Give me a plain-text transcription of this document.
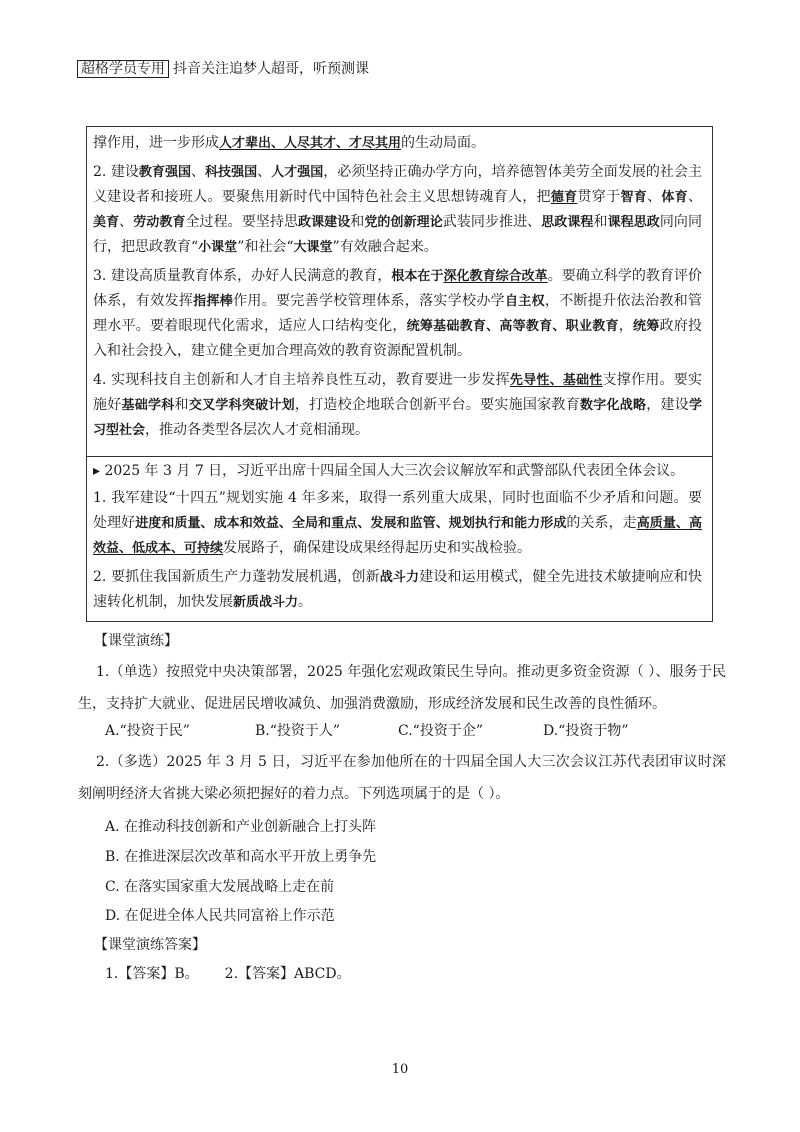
超格学员专用 抖音关注追梦人超哥，听预测课

撑作用，进一步形成人才辈出、人尽其才、才尽其用的生动局面。

2. 建设教育强国、科技强国、人才强国，必须坚持正确办学方向，培养德智体美劳全面发展的社会主义建设者和接班人。要聚焦用新时代中国特色社会主义思想铸魂育人，把德育贯穿于智育、体育、美育、劳动教育全过程。要坚持思政课建设和党的创新理论武装同步推进、思政课程和课程思政同向同行，把思政教育“小课堂”和社会“大课堂”有效融合起来。

3. 建设高质量教育体系，办好人民满意的教育，根本在于深化教育综合改革。要确立科学的教育评价体系，有效发挥指挥棒作用。要完善学校管理体系，落实学校办学自主权，不断提升依法治教和管理水平。要着眼现代化需求，适应人口结构变化，统筹基础教育、高等教育、职业教育，统筹政府投入和社会投入，建立健全更加合理高效的教育资源配置机制。

4. 实现科技自主创新和人才自主培养良性互动，教育要进一步发挥先导性、基础性支撑作用。要实施好基础学科和交叉学科突破计划，打造校企地联合创新平台。要实施国家教育数字化战略，建设学习型社会，推动各类型各层次人才竞相涌现。

▸ 2025 年 3 月 7 日，习近平出席十四届全国人大三次会议解放军和武警部队代表团全体会议。

1. 我军建设“十四五”规划实施 4 年多来，取得一系列重大成果，同时也面临不少矛盾和问题。要处理好进度和质量、成本和效益、全局和重点、发展和监管、规划执行和能力形成的关系，走高质量、高效益、低成本、可持续发展路子，确保建设成果经得起历史和实战检验。

2. 要抓住我国新质生产力蓬勃发展机遇，创新战斗力建设和运用模式，健全先进技术敏捷响应和快速转化机制，加快发展新质战斗力。

【课堂演练】

1.（单选）按照党中央决策部署，2025 年强化宏观政策民生导向。推动更多资金资源（ ）、服务于民生，支持扩大就业、促进居民增收减负、加强消费激励，形成经济发展和民生改善的良性循环。

A.“投资于民”	B.“投资于人”	C.“投资于企”	D.“投资于物”

2.（多选）2025 年 3 月 5 日，习近平在参加他所在的十四届全国人大三次会议江苏代表团审议时深刻阐明经济大省挑大梁必须把握好的着力点。下列选项属于的是（ ）。

A. 在推动科技创新和产业创新融合上打头阵
B. 在推进深层次改革和高水平开放上勇争先
C. 在落实国家重大发展战略上走在前
D. 在促进全体人民共同富裕上作示范
【课堂演练答案】
1.【答案】B。 2.【答案】ABCD。
10
